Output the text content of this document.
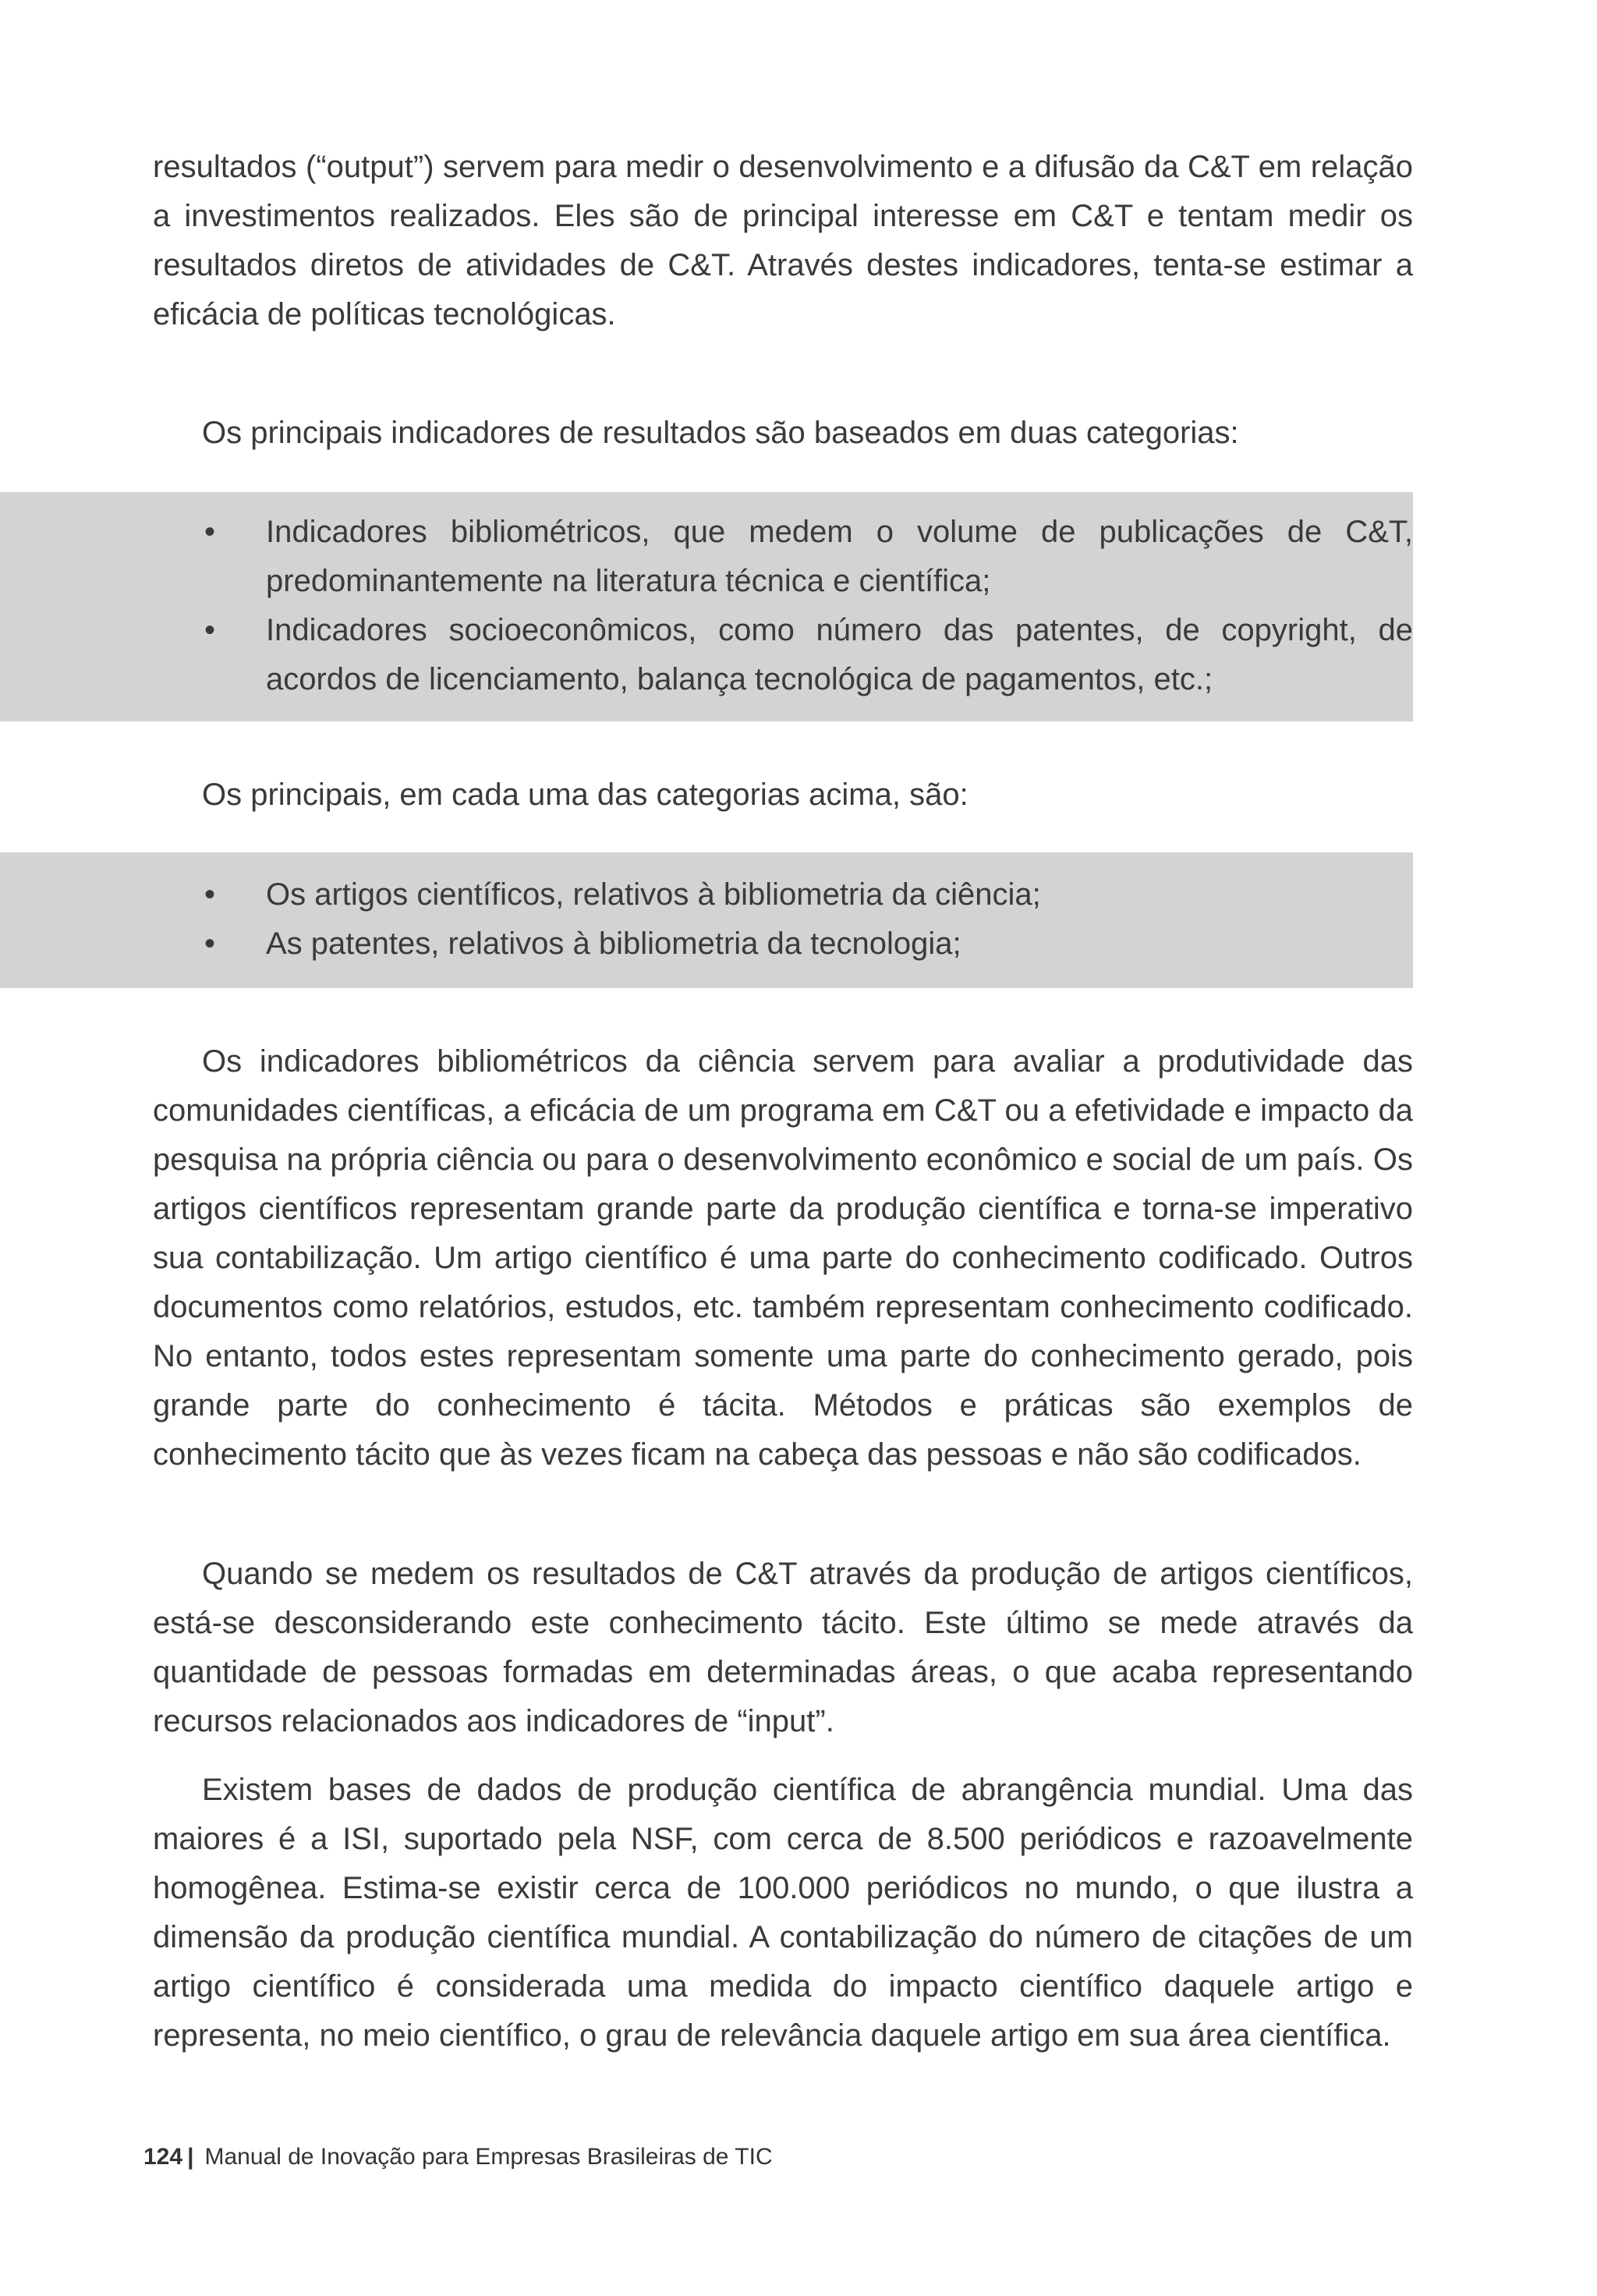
resultados (“output”) servem para medir o desenvolvimento e a difusão da C&T em relação a investimentos realizados. Eles são de principal interesse em C&T e tentam medir os resultados diretos de atividades de C&T. Através destes indicadores, tenta-se estimar a eficácia de políticas tecnológicas.

Os principais indicadores de resultados são baseados em duas categorias:

• Indicadores bibliométricos, que medem o volume de publicações de C&T, predominantemente na literatura técnica e científica;
• Indicadores socioeconômicos, como número das patentes, de copyright, de acordos de licenciamento, balança tecnológica de pagamentos, etc.;

Os principais, em cada uma das categorias acima, são:

• Os artigos científicos, relativos à bibliometria da ciência;
• As patentes, relativos à bibliometria da tecnologia;

Os indicadores bibliométricos da ciência servem para avaliar a produtividade das comunidades científicas, a eficácia de um programa em C&T ou a efetividade e impacto da pesquisa na própria ciência ou para o desenvolvimento econômico e social de um país. Os artigos científicos representam grande parte da produção científica e torna-se imperativo sua contabilização. Um artigo científico é uma parte do conhecimento codificado. Outros documentos como relatórios, estudos, etc. também representam conhecimento codificado. No entanto, todos estes representam somente uma parte do conhecimento gerado, pois grande parte do conhecimento é tácita. Métodos e práticas são exemplos de conhecimento tácito que às vezes ficam na cabeça das pessoas e não são codificados.

Quando se medem os resultados de C&T através da produção de artigos científicos, está-se desconsiderando este conhecimento tácito. Este último se mede através da quantidade de pessoas formadas em determinadas áreas, o que acaba representando recursos relacionados aos indicadores de “input”.

Existem bases de dados de produção científica de abrangência mundial. Uma das maiores é a ISI, suportado pela NSF, com cerca de 8.500 periódicos e razoavelmente homogênea. Estima-se existir cerca de 100.000 periódicos no mundo, o que ilustra a dimensão da produção científica mundial. A contabilização do número de citações de um artigo científico é considerada uma medida do impacto científico daquele artigo e representa, no meio científico, o grau de relevância daquele artigo em sua área científica.

124 | Manual de Inovação para Empresas Brasileiras de TIC
